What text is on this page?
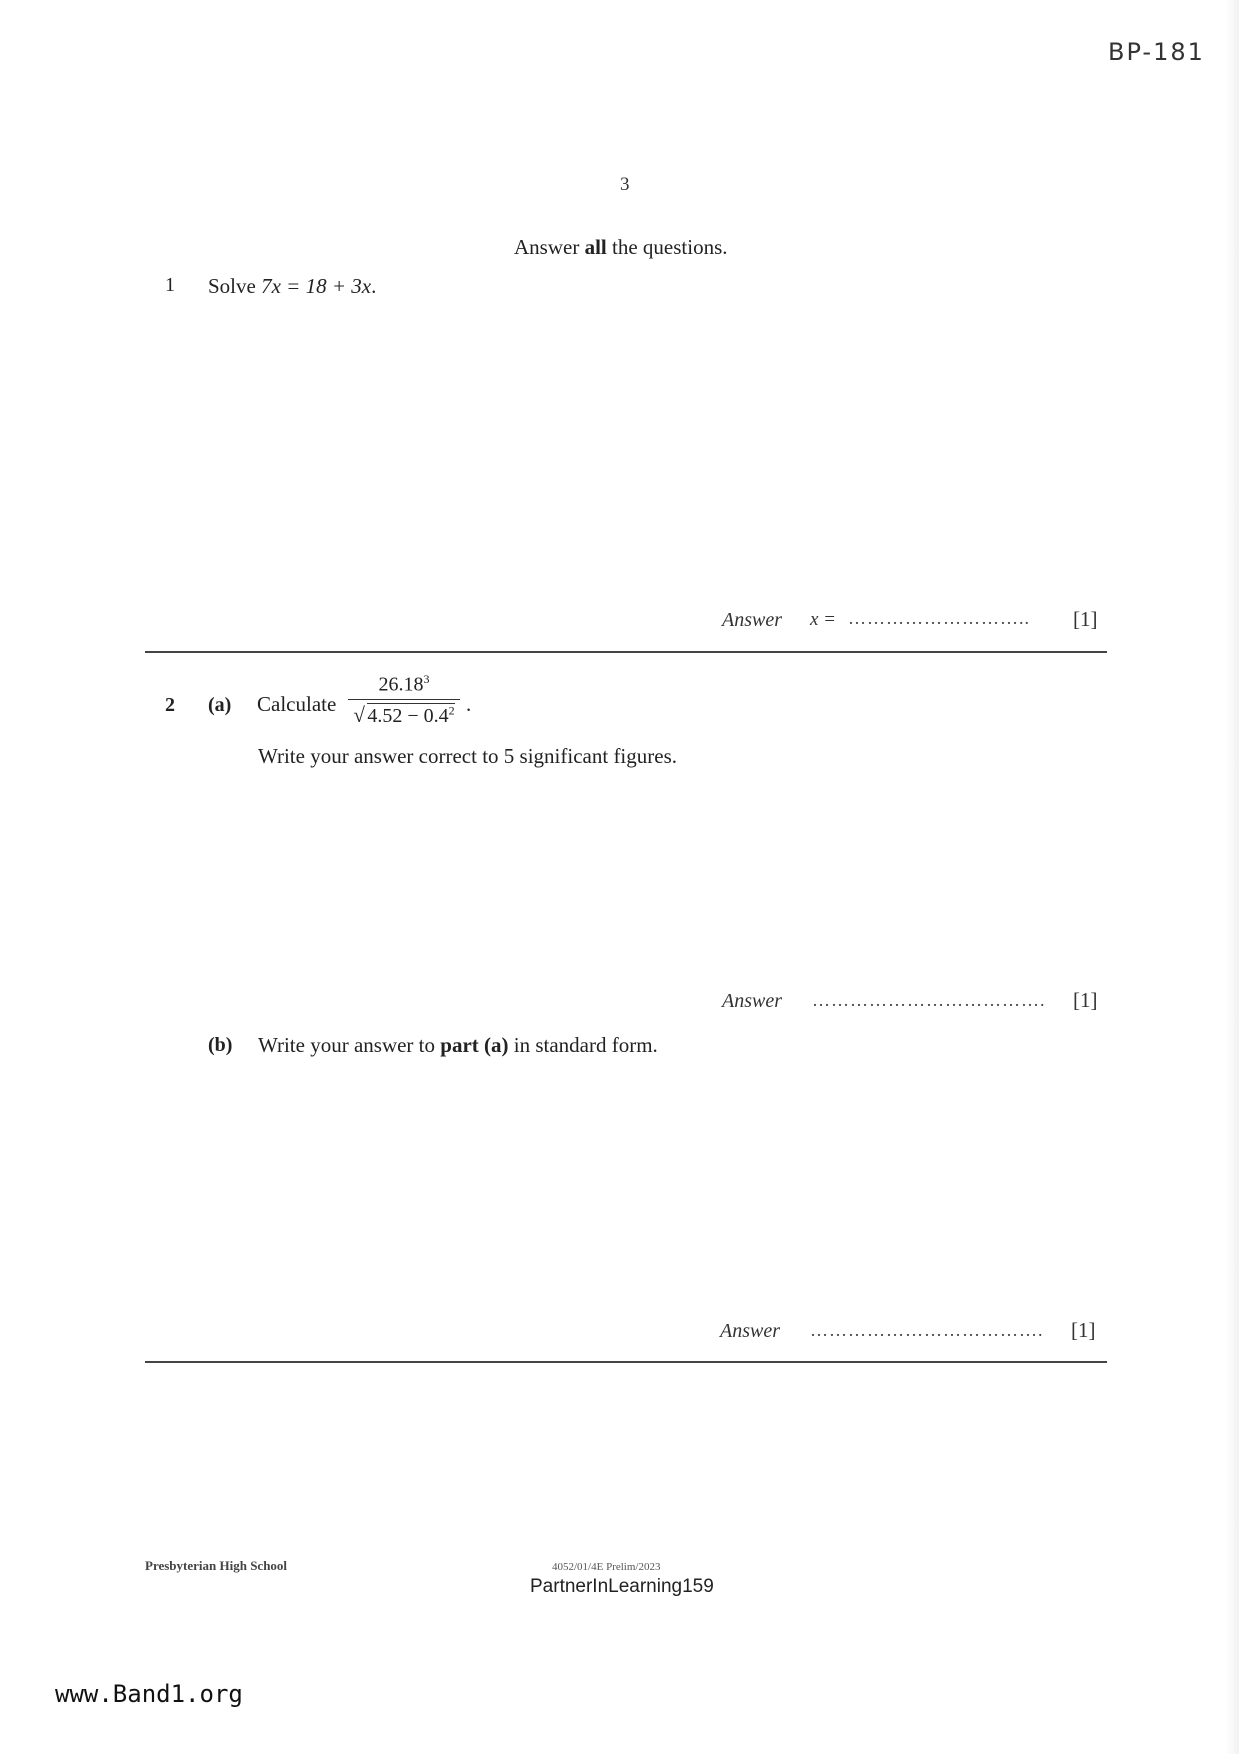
BP-181
3
Answer all the questions.
1 Solve 7x = 18 + 3x.
Answer x = ……………………….. [1]
2 (a) Calculate
26.18$^3$
√ $4.52 - 0.4^2$ .
Write your answer correct to 5 significant figures.
Answer ………………………………. [1]
(b) Write your answer to part (a) in standard form.
Answer ………………………………. [1]
Presbyterian High School	4052/01/4E Prelim/2023
PartnerInLearning159
www.Band1.org
